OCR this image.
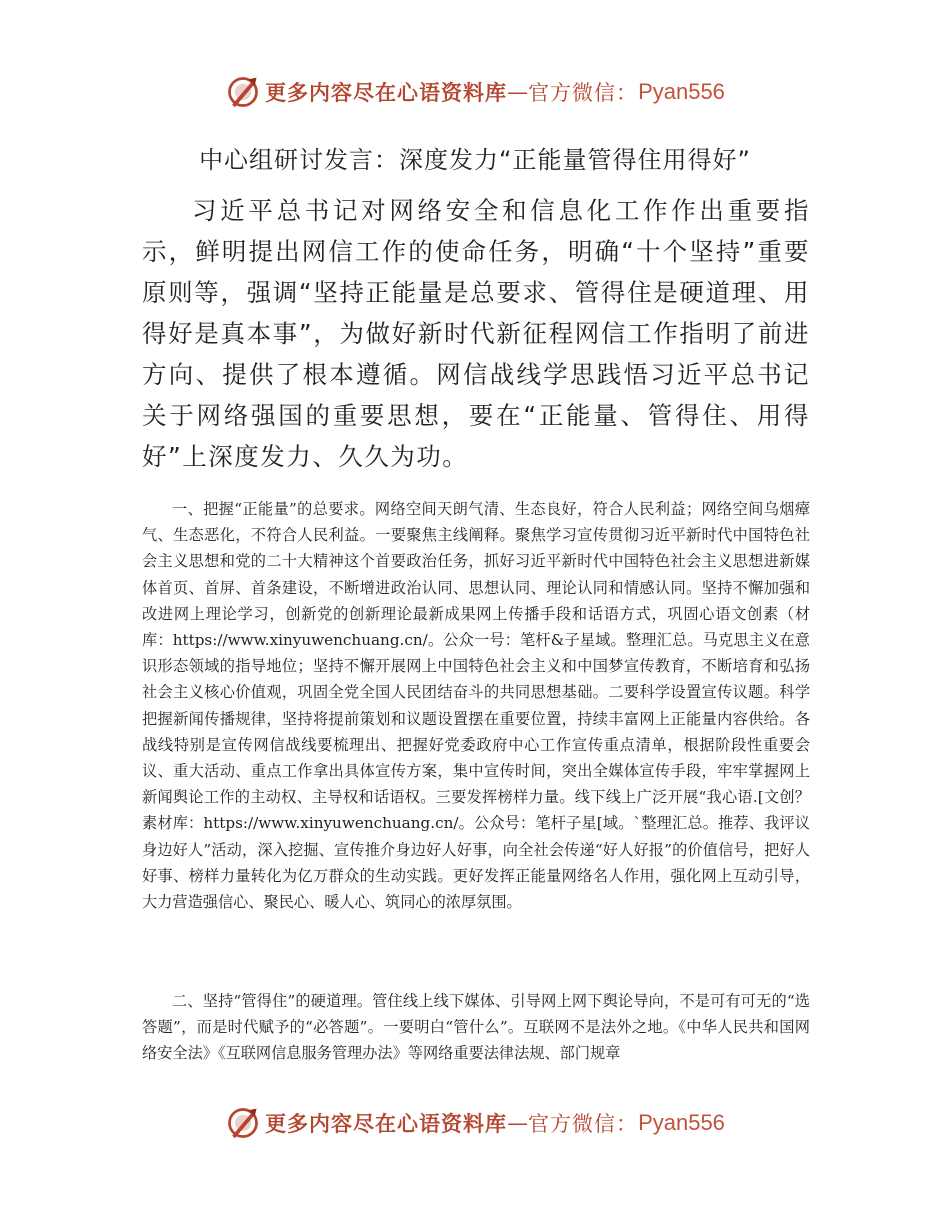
更多内容尽在心语资料库 — 官方微信： Pyan556
中心组研讨发言：深度发力“正能量管得住用得好”

习近平总书记对网络安全和信息化工作作出重要指示，鲜明提出网信工作的使命任务，明确“十个坚持”重要原则等，强调“坚持正能量是总要求、管得住是硬道理、用得好是真本事”，为做好新时代新征程网信工作指明了前进方向、提供了根本遵循。网信战线学思践悟习近平总书记关于网络强国的重要思想，要在“正能量、管得住、用得好”上深度发力、久久为功。

一、把握“正能量”的总要求。网络空间天朗气清、生态良好，符合人民利益；网络空间乌烟瘴气、生态恶化，不符合人民利益。一要聚焦主线阐释。聚焦学习宣传贯彻习近平新时代中国特色社会主义思想和党的二十大精神这个首要政治任务，抓好习近平新时代中国特色社会主义思想进新媒体首页、首屏、首条建设，不断增进政治认同、思想认同、理论认同和情感认同。坚持不懈加强和改进网上理论学习，创新党的创新理论最新成果网上传播手段和话语方式，巩固心语文创素（材库：https://www.xinyuwenchuang.cn/。公众一号：笔杆&子星域。整理汇总。马克思主义在意识形态领域的指导地位；坚持不懈开展网上中国特色社会主义和中国梦宣传教育，不断培育和弘扬社会主义核心价值观，巩固全党全国人民团结奋斗的共同思想基础。二要科学设置宣传议题。科学把握新闻传播规律，坚持将提前策划和议题设置摆在重要位置，持续丰富网上正能量内容供给。各战线特别是宣传网信战线要梳理出、把握好党委政府中心工作宣传重点清单，根据阶段性重要会议、重大活动、重点工作拿出具体宣传方案，集中宣传时间，突出全媒体宣传手段，牢牢掌握网上新闻舆论工作的主动权、主导权和话语权。三要发挥榜样力量。线下线上广泛开展“我心语.[文创？素材库：https://www.xinyuwenchuang.cn/。公众号：笔杆子星[域。`整理汇总。推荐、我评议身边好人”活动，深入挖掘、宣传推介身边好人好事，向全社会传递“好人好报”的价值信号，把好人好事、榜样力量转化为亿万群众的生动实践。更好发挥正能量网络名人作用，强化网上互动引导，大力营造强信心、聚民心、暖人心、筑同心的浓厚氛围。

二、坚持“管得住”的硬道理。管住线上线下媒体、引导网上网下舆论导向，不是可有可无的“选答题”，而是时代赋予的“必答题”。一要明白“管什么”。互联网不是法外之地。《中华人民共和国网络安全法》《互联网信息服务管理办法》等网络重要法律法规、部门规章

更多内容尽在心语资料库 — 官方微信： Pyan556
